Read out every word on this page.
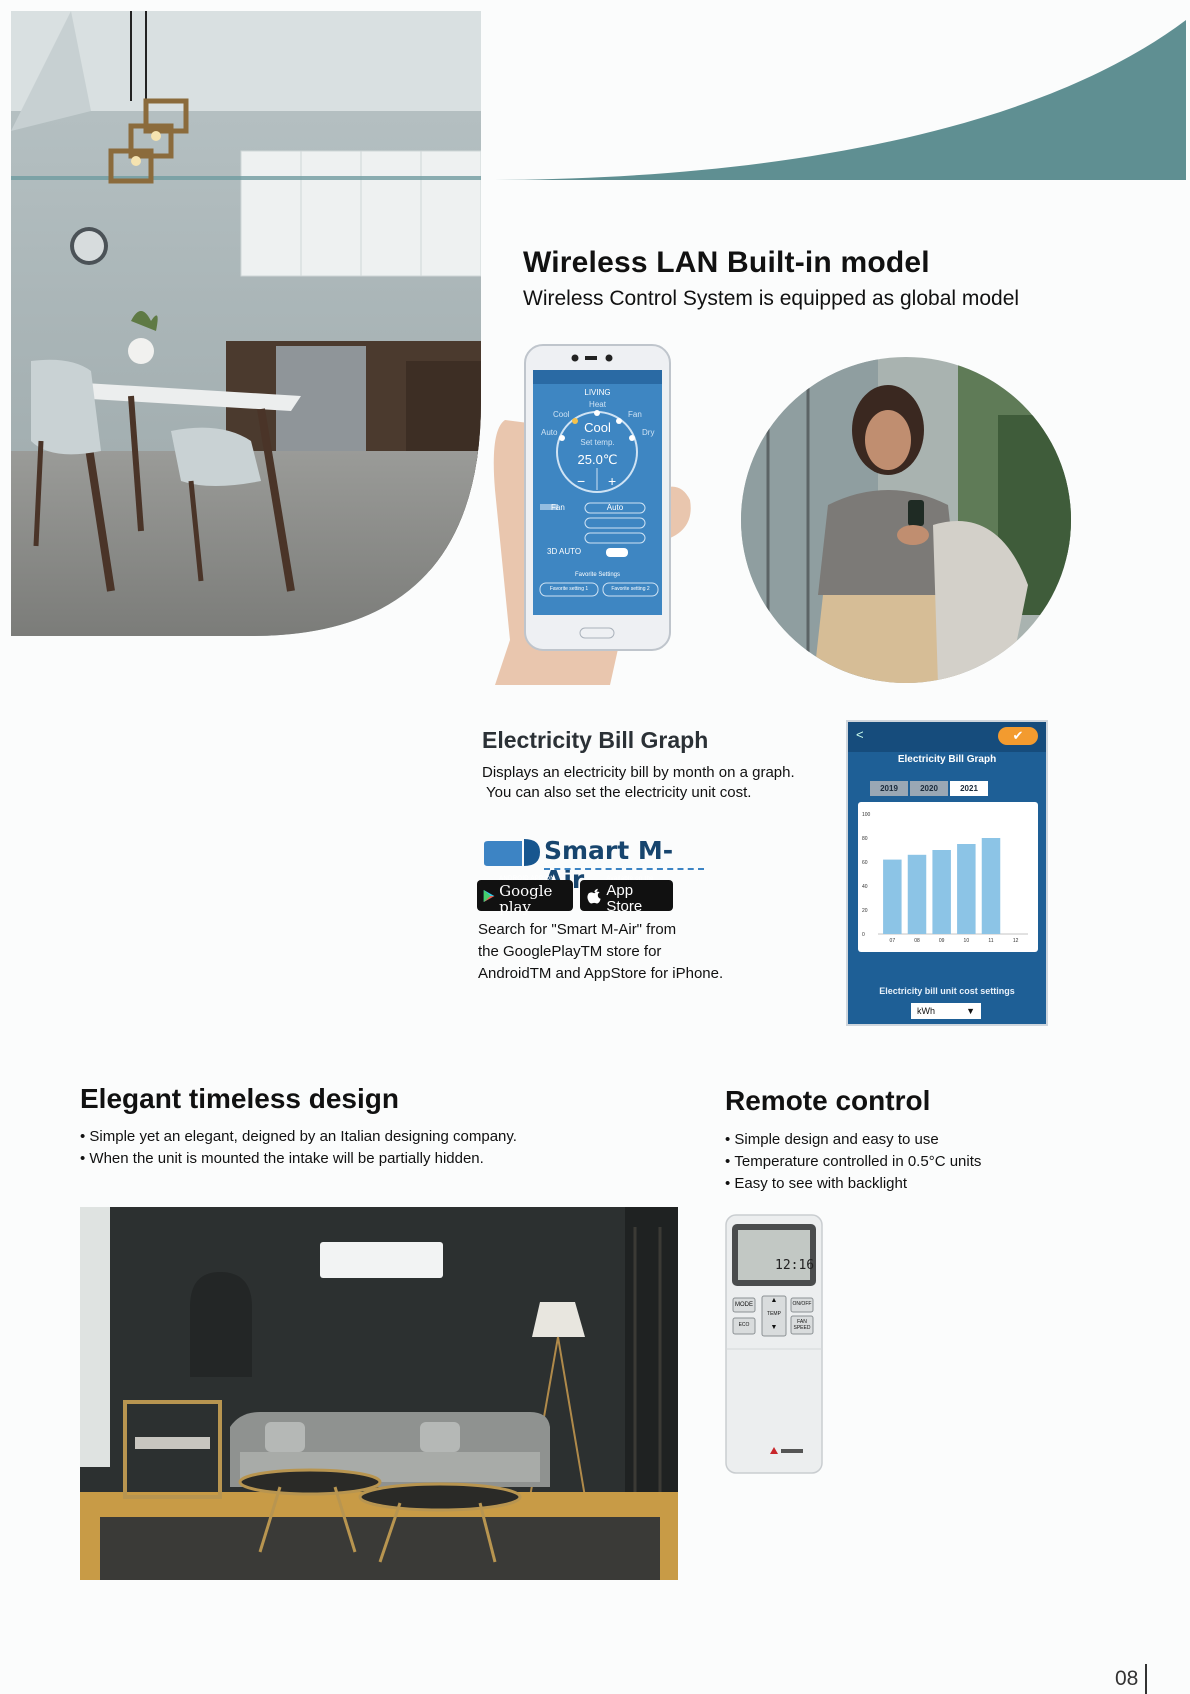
Wireless LAN Built-in model
Wireless Control System is equipped as global model
LIVING
Heat
Cool	Fan
Auto	Dry
Cool
Set temp.
25.0℃
− +
Fan	Auto
3D AUTO
Favorite Settings
Favorite setting 1	Favorite setting 2
Electricity Bill Graph
Displays an electricity bill by month on a graph.
You can also set the electricity unit cost.
<	✔
Electricity Bill Graph
2019	2020	2021
0
20
40
60
80
100
07	08	09	10	11	12
Electricity bill unit cost settings
kWh	▼
Smart M- ir
ANDROID APP ON
Google play
Available on the
App Store
Search for "Smart M-Air" from
the GooglePlayTM store for
AndroidTM and AppStore for iPhone.
Elegant timeless design
• Simple yet an elegant, deigned by an Italian designing company.
• When the unit is mounted the intake will be partially hidden.
Remote control
• Simple design and easy to use
• Temperature controlled in 0.5°C units
• Easy to see with backlight
12:16
MODE	ON/OFF
▲
TEMP
▼
ECO	FAN SPEED
08
